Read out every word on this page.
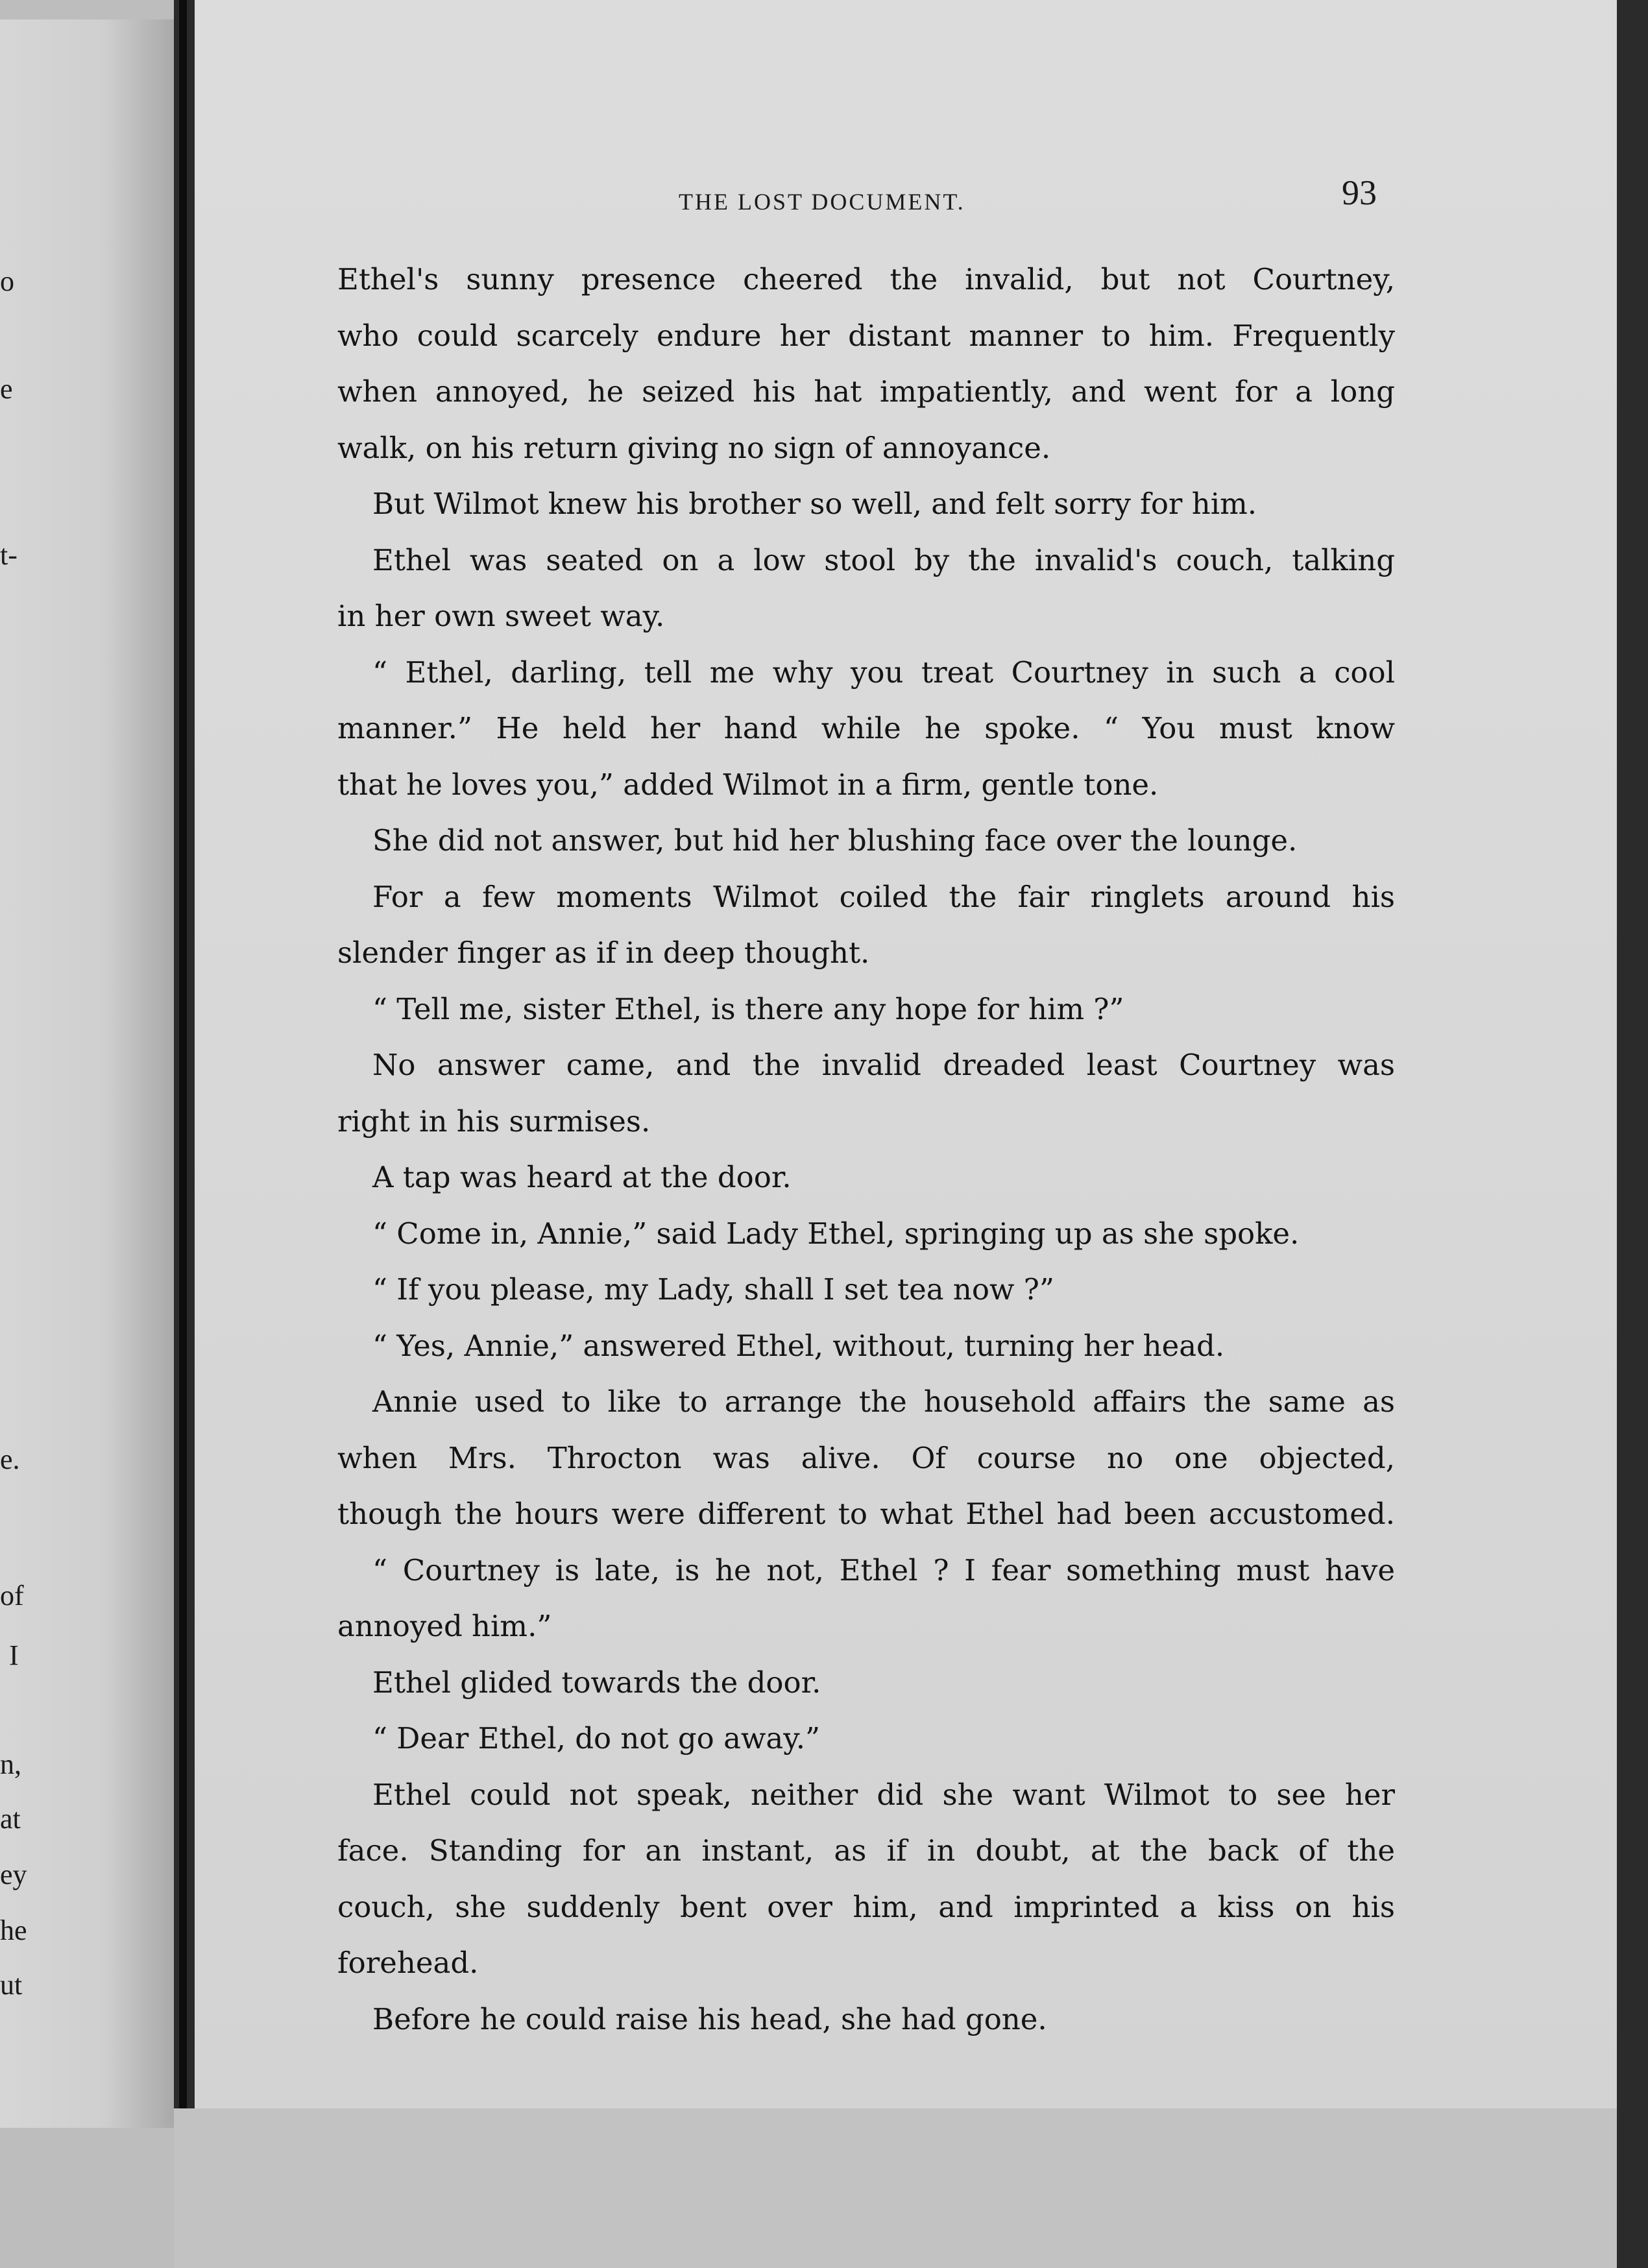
o
e
t-
e.
of
I
n,
at
ey
he
ut
THE LOST DOCUMENT.	93
Ethel's sunny presence cheered the invalid, but not Courtney,
who could scarcely endure her distant manner to him. Frequently
when annoyed, he seized his hat impatiently, and went for a long
walk, on his return giving no sign of annoyance.
But Wilmot knew his brother so well, and felt sorry for him.
Ethel was seated on a low stool by the invalid's couch, talking
in her own sweet way.
“ Ethel, darling, tell me why you treat Courtney in such a cool
manner.” He held her hand while he spoke. “ You must know
that he loves you,” added Wilmot in a firm, gentle tone.
She did not answer, but hid her blushing face over the lounge.
For a few moments Wilmot coiled the fair ringlets around his
slender finger as if in deep thought.
“ Tell me, sister Ethel, is there any hope for him ?”
No answer came, and the invalid dreaded least Courtney was
right in his surmises.
A tap was heard at the door.
“ Come in, Annie,” said Lady Ethel, springing up as she spoke.
“ If you please, my Lady, shall I set tea now ?”
“ Yes, Annie,” answered Ethel, without, turning her head.
Annie used to like to arrange the household affairs the same as
when Mrs. Throcton was alive. Of course no one objected,
though the hours were different to what Ethel had been accustomed.
“ Courtney is late, is he not, Ethel ? I fear something must have
annoyed him.”
Ethel glided towards the door.
“ Dear Ethel, do not go away.”
Ethel could not speak, neither did she want Wilmot to see her
face. Standing for an instant, as if in doubt, at the back of the
couch, she suddenly bent over him, and imprinted a kiss on his
forehead.
Before he could raise his head, she had gone.
